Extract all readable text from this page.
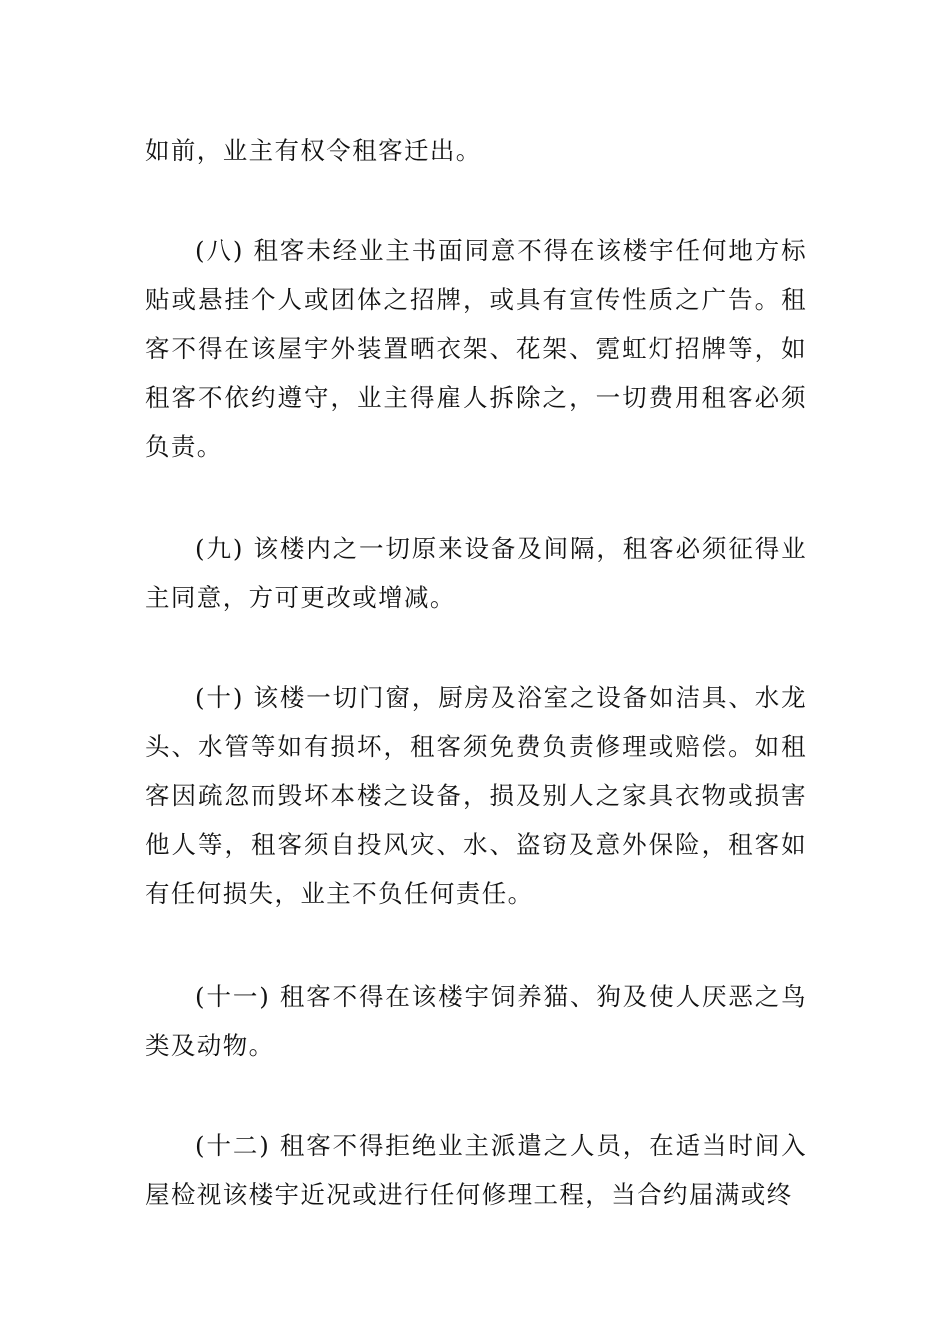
如前，业主有权令租客迁出。

(八) 租客未经业主书面同意不得在该楼宇任何地方标贴或悬挂个人或团体之招牌，或具有宣传性质之广告。租客不得在该屋宇外装置晒衣架、花架、霓虹灯招牌等，如租客不依约遵守，业主得雇人拆除之，一切费用租客必须负责。

(九) 该楼内之一切原来设备及间隔，租客必须征得业主同意，方可更改或增减。

(十) 该楼一切门窗，厨房及浴室之设备如洁具、水龙头、水管等如有损坏，租客须免费负责修理或赔偿。如租客因疏忽而毁坏本楼之设备，损及别人之家具衣物或损害他人等，租客须自投风灾、水、盗窃及意外保险，租客如有任何损失，业主不负任何责任。

(十一) 租客不得在该楼宇饲养猫、狗及使人厌恶之鸟类及动物。

(十二) 租客不得拒绝业主派遣之人员，在适当时间入屋检视该楼宇近况或进行任何修理工程，当合约届满或终
